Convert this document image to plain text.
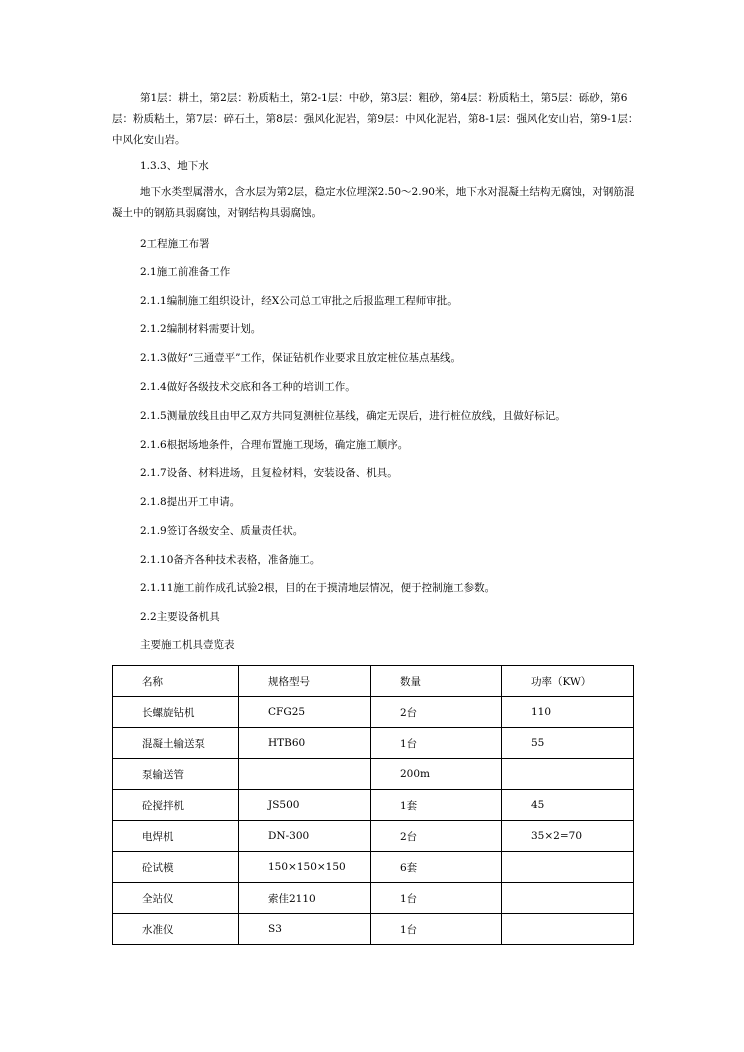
第1层：耕土，第2层：粉质粘土，第2-1层：中砂，第3层：粗砂，第4层：粉质粘土，第5层：砾砂，第6层：粉质粘土，第7层：碎石土，第8层：强风化泥岩，第9层：中风化泥岩，第8-1层：强风化安山岩，第9-1层：中风化安山岩。

1.3.3、地下水

地下水类型属潜水，含水层为第2层，稳定水位埋深2.50～2.90米，地下水对混凝土结构无腐蚀，对钢筋混凝土中的钢筋具弱腐蚀，对钢结构具弱腐蚀。

2工程施工布署

2.1施工前准备工作

2.1.1编制施工组织设计，经X公司总工审批之后报监理工程师审批。

2.1.2编制材料需要计划。

2.1.3做好“三通壹平”工作，保证钻机作业要求且放定桩位基点基线。

2.1.4做好各级技术交底和各工种的培训工作。

2.1.5测量放线且由甲乙双方共同复测桩位基线，确定无误后，进行桩位放线，且做好标记。

2.1.6根据场地条件，合理布置施工现场，确定施工顺序。

2.1.7设备、材料进场，且复检材料，安装设备、机具。

2.1.8提出开工申请。

2.1.9签订各级安全、质量责任状。

2.1.10备齐各种技术表格，准备施工。

2.1.11施工前作成孔试验2根，目的在于摸清地层情况，便于控制施工参数。

2.2主要设备机具

主要施工机具壹览表
名称	规格型号	数量	功率（KW）
长螺旋钻机	CFG25	2台	110
混凝土输送泵	HTB60	1台	55
泵输送管		200m	
砼搅拌机	JS500	1套	45
电焊机	DN-300	2台	35×2=70
砼试模	150×150×150	6套	
全站仪	索佳2110	1台	
水准仪	S3	1台	
